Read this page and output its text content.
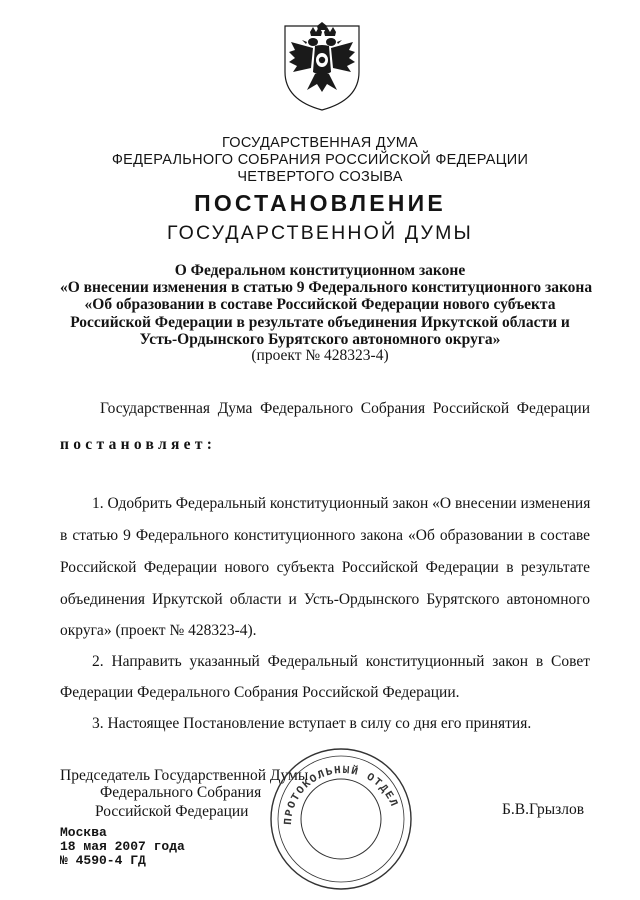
ГОСУДАРСТВЕННАЯ ДУМА
ФЕДЕРАЛЬНОГО СОБРАНИЯ РОССИЙСКОЙ ФЕДЕРАЦИИ
ЧЕТВЕРТОГО СОЗЫВА
ПОСТАНОВЛЕНИЕ
ГОСУДАРСТВЕННОЙ ДУМЫ
О Федеральном конституционном законе
«О внесении изменения в статью 9 Федерального конституционного закона
«Об образовании в составе Российской Федерации нового субъекта
Российской Федерации в результате объединения Иркутской области и
Усть-Ордынского Бурятского автономного округа»
(проект № 428323-4)
Государственная Дума Федерального Собрания Российской Федерации
постановляет:
1. Одобрить Федеральный конституционный закон «О внесении изменения
в статью 9 Федерального конституционного закона «Об образовании в составе
Российской Федерации нового субъекта Российской Федерации в результате
объединения Иркутской области и Усть-Ордынского Бурятского автономного
округа» (проект № 428323-4).
2. Направить указанный Федеральный конституционный закон в Совет
Федерации Федерального Собрания Российской Федерации.
3. Настоящее Постановление вступает в силу со дня его принятия.
Председатель Государственной Думы
Федерального Собрания
Российской Федерации	Б.В.Грызлов
ПРОТОКОЛЬНЫЙ ОТДЕЛ
Москва
18 мая 2007 года
№ 4590-4 ГД
